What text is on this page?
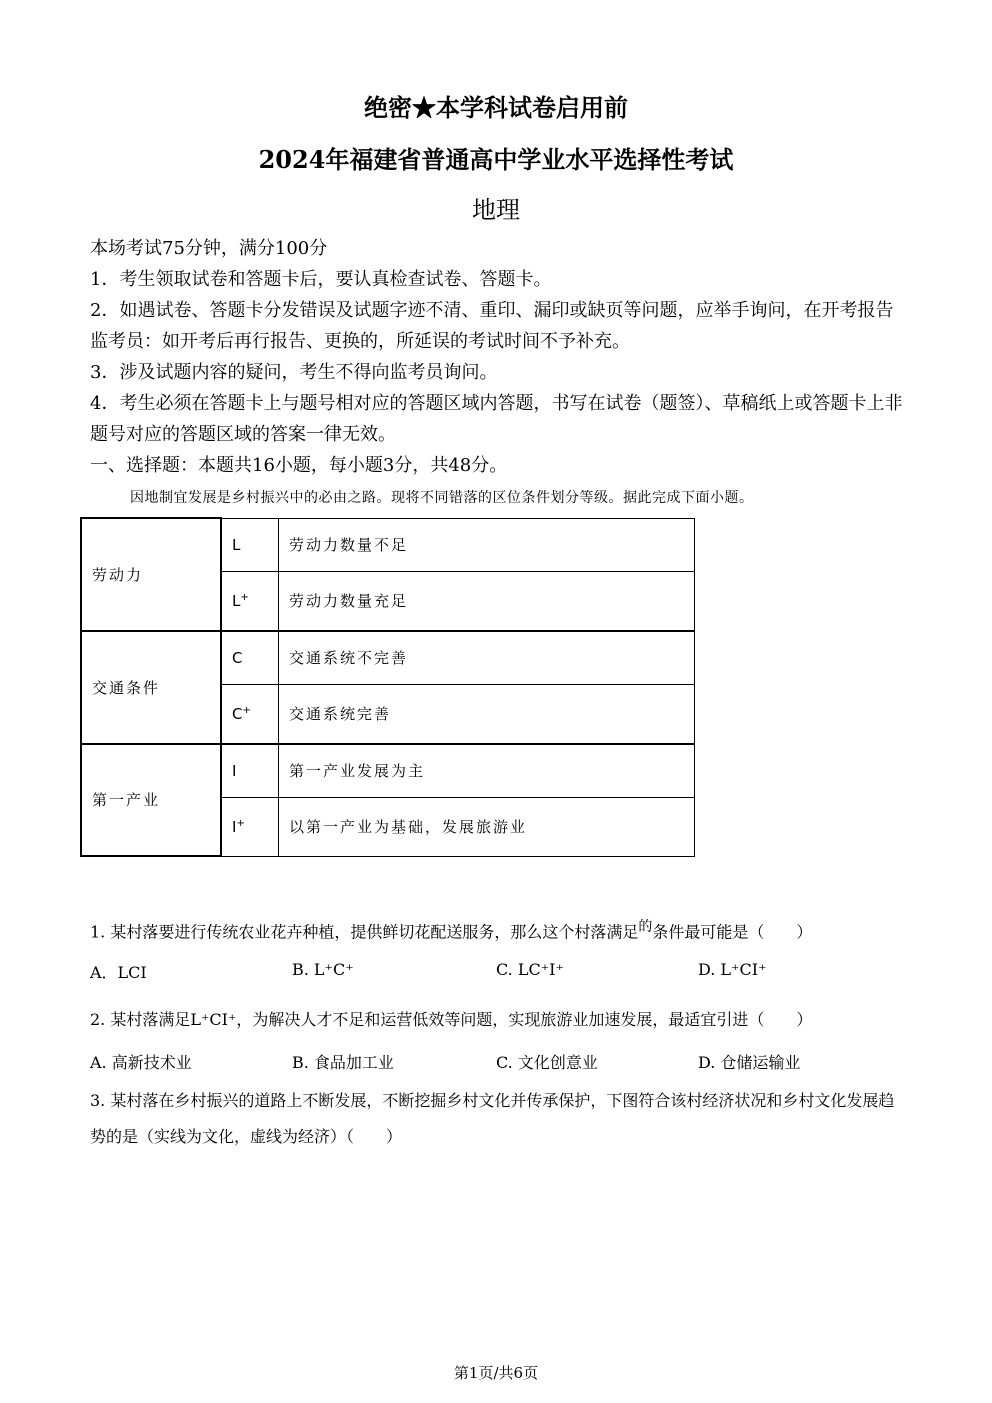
绝密★本学科试卷启用前
2024年福建省普通高中学业水平选择性考试
地理
本场考试75分钟，满分100分
1．考生领取试卷和答题卡后，要认真检查试卷、答题卡。
2．如遇试卷、答题卡分发错误及试题字迹不清、重印、漏印或缺页等问题，应举手询问，在开考报告监考员：如开考后再行报告、更换的，所延误的考试时间不予补充。
3．涉及试题内容的疑问，考生不得向监考员询问。
4．考生必须在答题卡上与题号相对应的答题区域内答题，书写在试卷（题签）、草稿纸上或答题卡上非题号对应的答题区域的答案一律无效。
一、选择题：本题共16小题，每小题3分，共48分。
因地制宜发展是乡村振兴中的必由之路。现将不同错落的区位条件划分等级。据此完成下面小题。
劳动力	L	劳动力数量不足
	L+	劳动力数量充足
交通条件	C	交通系统不完善
	C+	交通系统完善
第一产业	I	第一产业发展为主
	I+	以第一产业为基础，发展旅游业
1. 某村落要进行传统农业花卉种植，提供鲜切花配送服务，那么这个村落满足$^的$条件最可能是（　　）
A．LCI	B. L⁺C⁺	C. LC⁺I⁺	D. L⁺CI⁺
2. 某村落满足L⁺CI⁺，为解决人才不足和运营低效等问题，实现旅游业加速发展，最适宜引进（　　）
A. 高新技术业	B. 食品加工业	C. 文化创意业	D. 仓储运输业
3. 某村落在乡村振兴的道路上不断发展，不断挖掘乡村文化并传承保护，下图符合该村经济状况和乡村文化发展趋势的是（实线为文化，虚线为经济）（　　）
第1页/共6页
